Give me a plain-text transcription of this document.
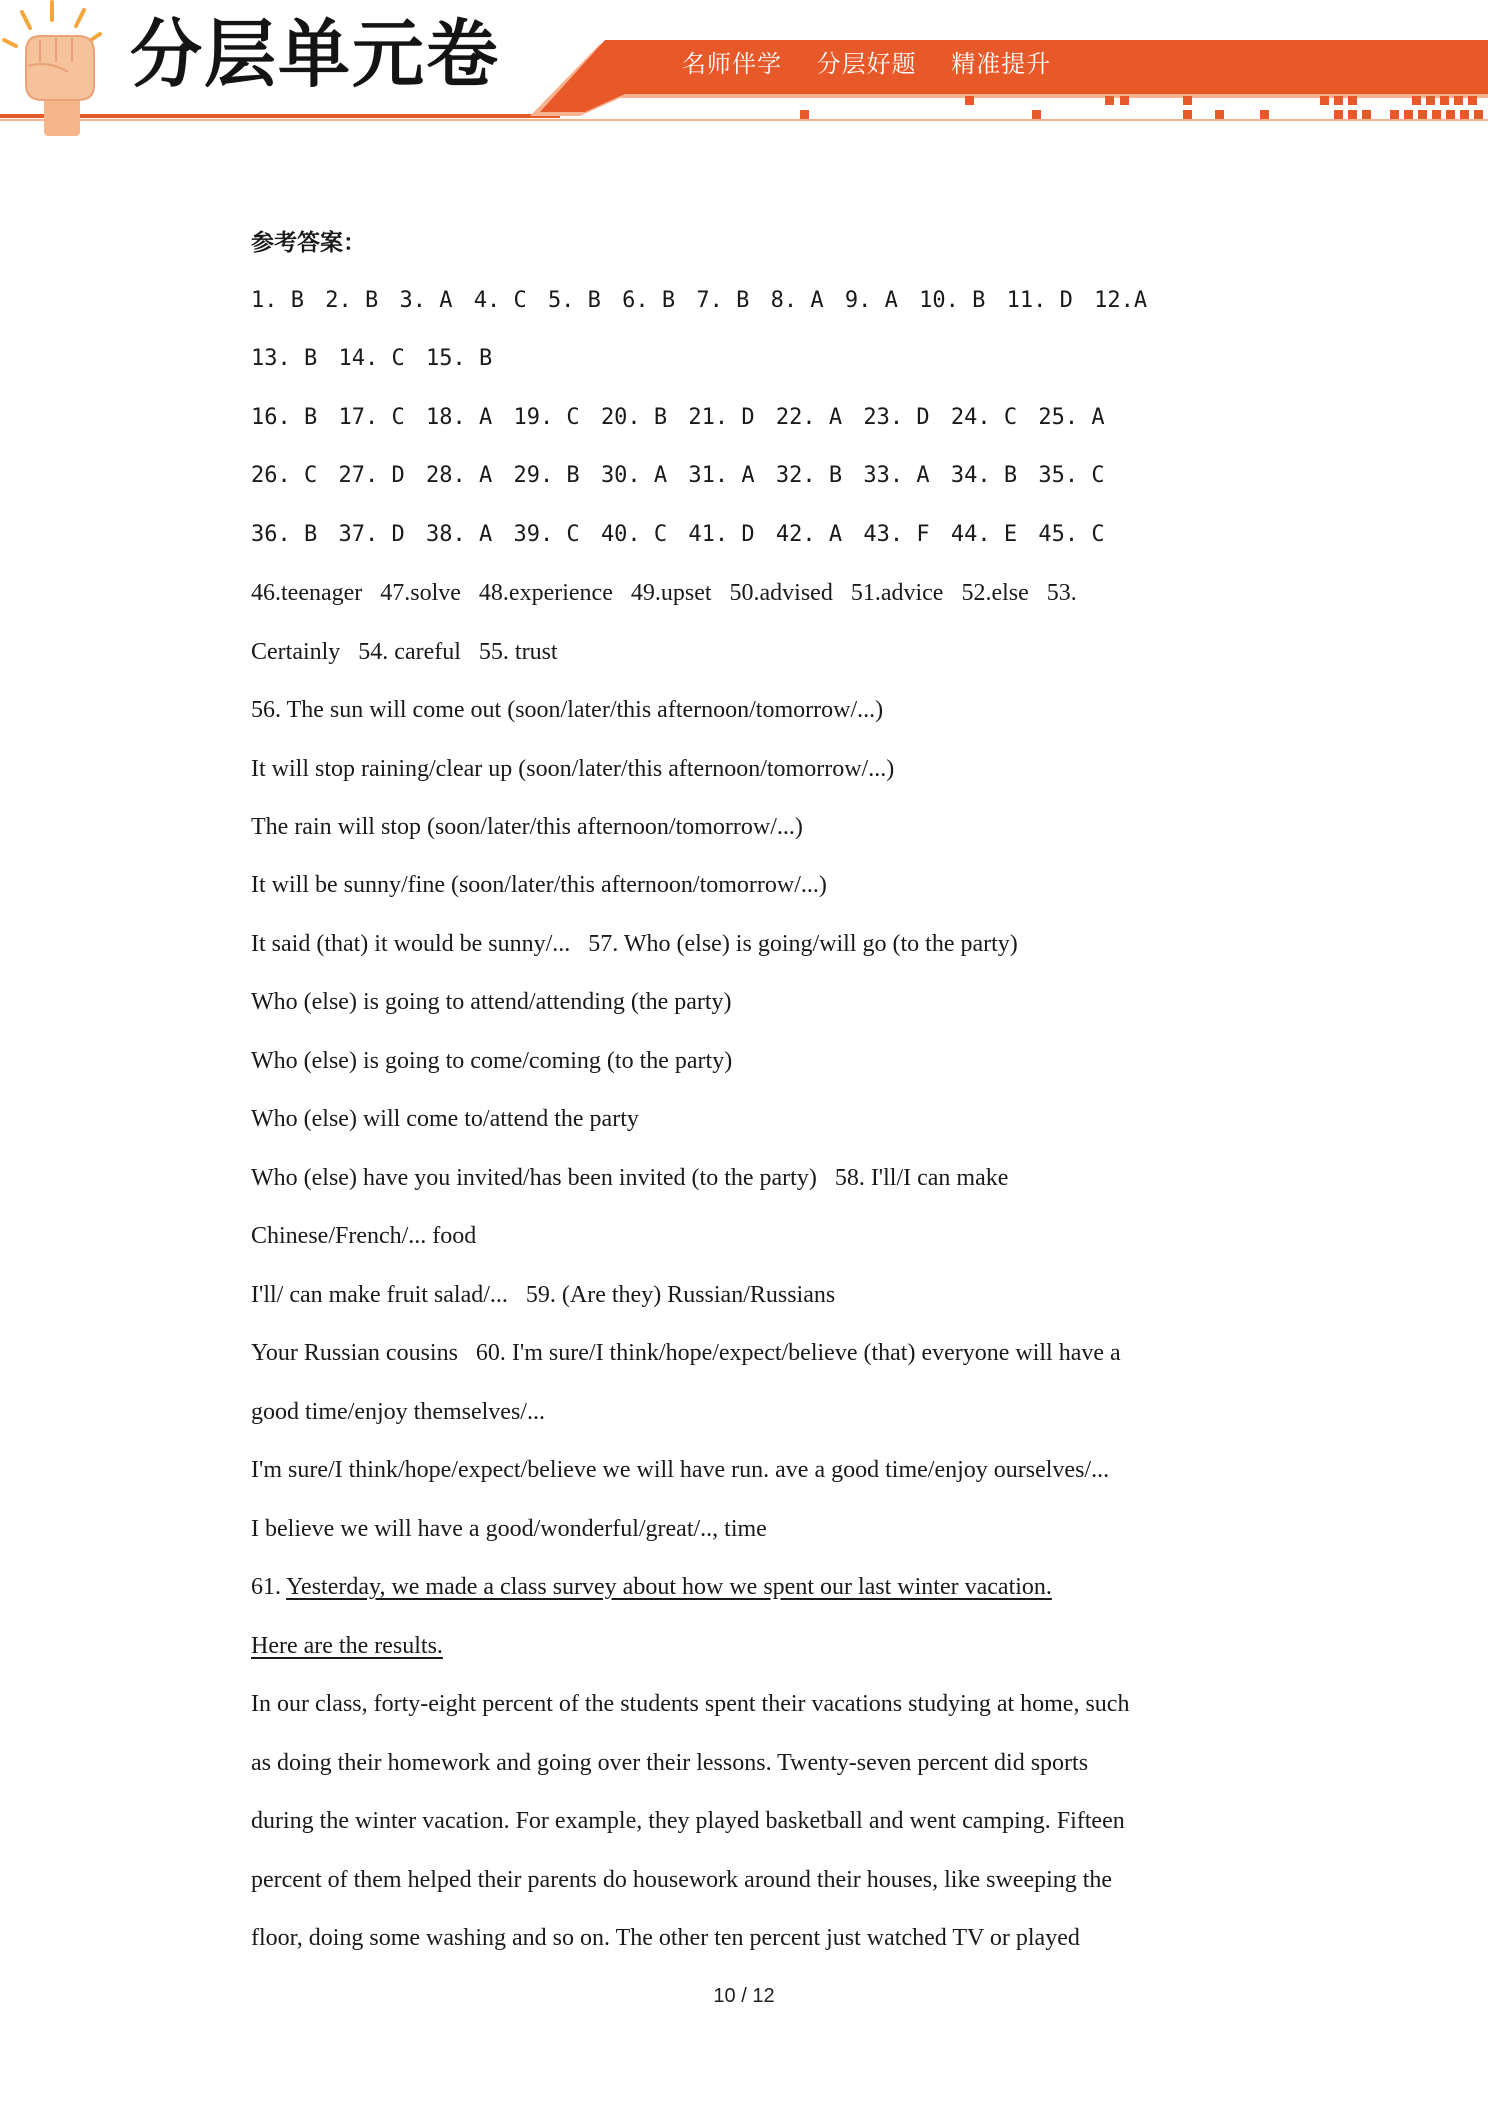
分层单元卷	名师伴学 分层好题 精准提升
参考答案：
1. B 2. B 3. A 4. C 5. B 6. B 7. B 8. A 9. A 10. B 11. D 12.A
13. B 14. C 15. B
16. B 17. C 18. A 19. C 20. B 21. D 22. A 23. D 24. C 25. A
26. C 27. D 28. A 29. B 30. A 31. A 32. B 33. A 34. B 35. C
36. B 37. D 38. A 39. C 40. C 41. D 42. A 43. F 44. E 45. C
46.teenager   47.solve   48.experience   49.upset   50.advised   51.advice   52.else   53.
Certainly   54. careful   55. trust
56. The sun will come out (soon/later/this afternoon/tomorrow/...)
It will stop raining/clear up (soon/later/this afternoon/tomorrow/...)
The rain will stop (soon/later/this afternoon/tomorrow/...)
It will be sunny/fine (soon/later/this afternoon/tomorrow/...)
It said (that) it would be sunny/...   57. Who (else) is going/will go (to the party)
Who (else) is going to attend/attending (the party)
Who (else) is going to come/coming (to the party)
Who (else) will come to/attend the party
Who (else) have you invited/has been invited (to the party)   58. I'll/I can make
Chinese/French/... food
I'll/ can make fruit salad/...   59. (Are they) Russian/Russians
Your Russian cousins   60. I'm sure/I think/hope/expect/believe (that) everyone will have a
good time/enjoy themselves/...
I'm sure/I think/hope/expect/believe we will have run. ave a good time/enjoy ourselves/...
I believe we will have a good/wonderful/great/.., time
61. Yesterday, we made a class survey about how we spent our last winter vacation.
Here are the results.
In our class, forty-eight percent of the students spent their vacations studying at home, such
as doing their homework and going over their lessons. Twenty-seven percent did sports
during the winter vacation. For example, they played basketball and went camping. Fifteen
percent of them helped their parents do housework around their houses, like sweeping the
floor, doing some washing and so on. The other ten percent just watched TV or played
10 / 12
